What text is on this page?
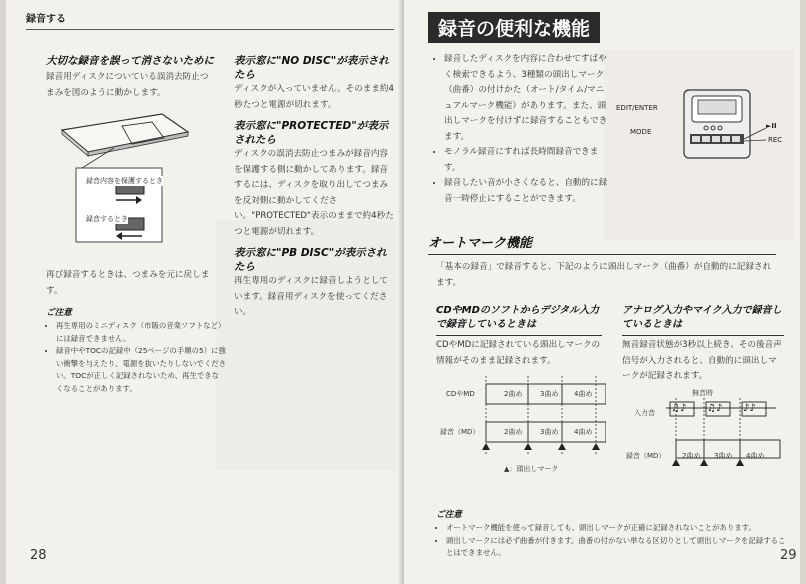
録音する
大切な録音を誤って消さないために
録音用ディスクについている誤消去防止つまみを図のように動かします。
録音内容を保護するとき
録音するとき
再び録音するときは、つまみを元に戻します。
ご注意
• 再生専用のミニディスク（市販の音楽ソフトなど）には録音できません。
• 録音中やTOCの記録中（25ページの手順の5）に強い衝撃を与えたり、電源を抜いたりしないでください。TOCが正しく記録されないため、再生できなくなることがあります。
表示窓に"NO DISC"が表示されたら
ディスクが入っていません。そのまま約4秒たつと電源が切れます。
表示窓に"PROTECTED"が表示されたら
ディスクの誤消去防止つまみが録音内容を保護する側に動かしてあります。録音するには、ディスクを取り出してつまみを反対側に動かしてください。"PROTECTED"表示のままで約4秒たつと電源が切れます。
表示窓に"PB DISC"が表示されたら
再生専用のディスクに録音しようとしています。録音用ディスクを使ってください。
28
録音の便利な機能
• 録音したディスクを内容に合わせてすばやく検索できるよう、3種類の頭出しマーク（曲番）の付けかた（オート/タイム/マニュアルマーク機能）があります。また、頭出しマークを付けずに録音することもできます。
• モノラル録音にすれば長時間録音できます。
• 録音したい音が小さくなると、自動的に録音一時停止にすることができます。
EDIT/ENTER
MODE
►II
REC
オートマーク機能
「基本の録音」で録音すると、下記のように頭出しマーク（曲番）が自動的に記録されます。
CDやMDのソフトからデジタル入力で録音しているときは
CDやMDに記録されている頭出しマークの情報がそのまま記録されます。
CDやMD
録音（MD）
2曲め	3曲め 4曲め
2曲め	3曲め 4曲め
▲：頭出しマーク
アナログ入力やマイク入力で録音しているときは
無音録音状態が3秒以上続き、その後音声信号が入力されると、自動的に頭出しマークが記録されます。
無音時
♫♪ ♫♪ ♪♪
入力音
録音（MD） 2曲め 3曲め 4曲め
ご注意
• オートマーク機能を使って録音しても、頭出しマークが正確に記録されないことがあります。
• 頭出しマークには必ず曲番が付きます。曲番の付かない単なる区切りとして頭出しマークを記録することはできません。	29
